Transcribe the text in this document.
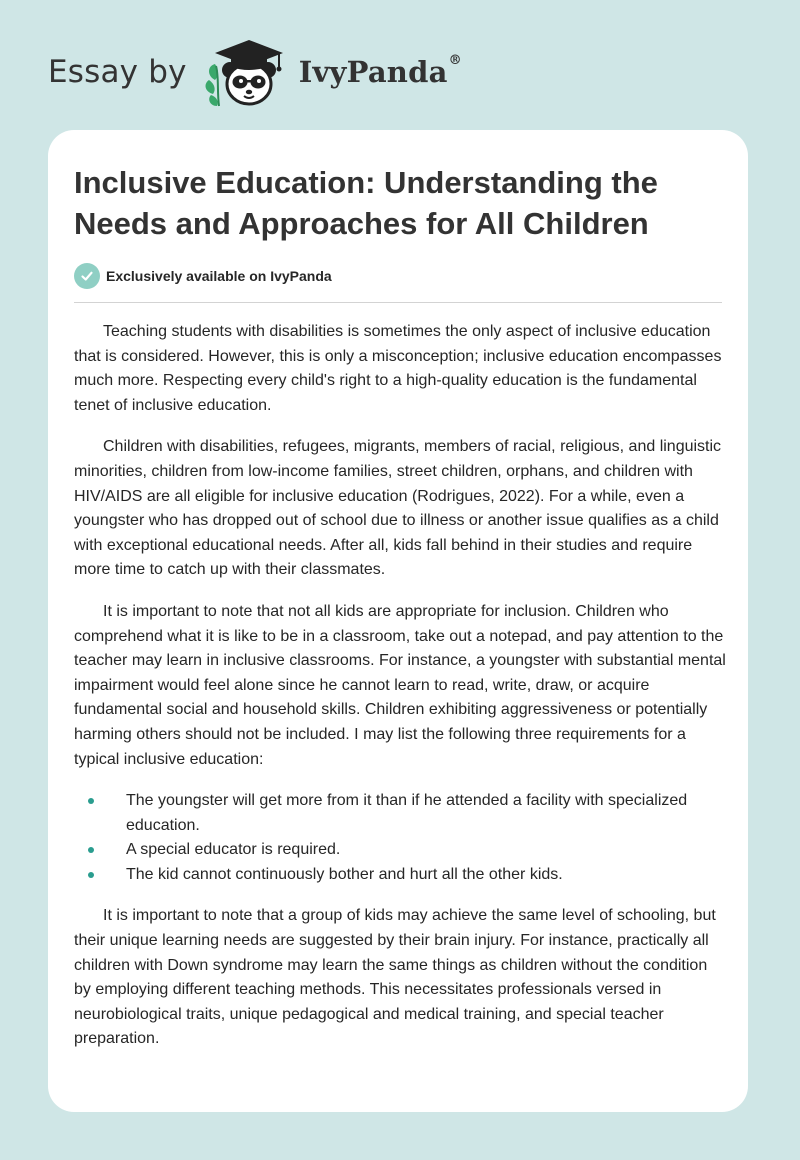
Essay by	IvyPanda®
Inclusive Education: Understanding the Needs and Approaches for All Children
Exclusively available on IvyPanda

Teaching students with disabilities is sometimes the only aspect of inclusive education that is considered. However, this is only a misconception; inclusive education encompasses much more. Respecting every child's right to a high-quality education is the fundamental tenet of inclusive education.

Children with disabilities, refugees, migrants, members of racial, religious, and linguistic minorities, children from low-income families, street children, orphans, and children with HIV/AIDS are all eligible for inclusive education (Rodrigues, 2022). For a while, even a youngster who has dropped out of school due to illness or another issue qualifies as a child with exceptional educational needs. After all, kids fall behind in their studies and require more time to catch up with their classmates.

It is important to note that not all kids are appropriate for inclusion. Children who comprehend what it is like to be in a classroom, take out a notepad, and pay attention to the teacher may learn in inclusive classrooms. For instance, a youngster with substantial mental impairment would feel alone since he cannot learn to read, write, draw, or acquire fundamental social and household skills. Children exhibiting aggressiveness or potentially harming others should not be included. I may list the following three requirements for a typical inclusive education:

The youngster will get more from it than if he attended a facility with specialized education.
A special educator is required.
The kid cannot continuously bother and hurt all the other kids.

It is important to note that a group of kids may achieve the same level of schooling, but their unique learning needs are suggested by their brain injury. For instance, practically all children with Down syndrome may learn the same things as children without the condition by employing different teaching methods. This necessitates professionals versed in neurobiological traits, unique pedagogical and medical training, and special teacher preparation.
